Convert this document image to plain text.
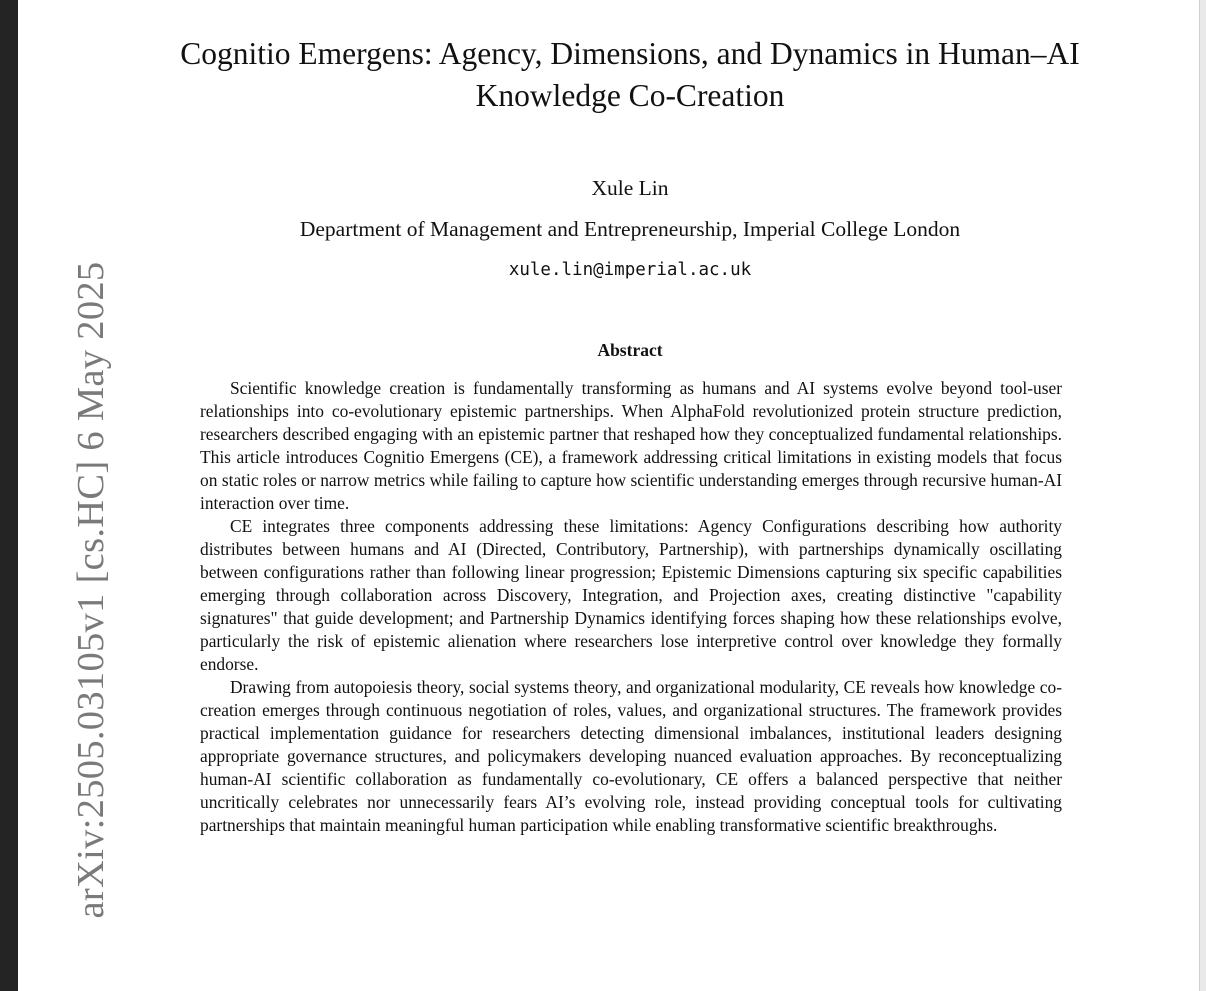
arXiv:2505.03105v1 [cs.HC] 6 May 2025
Cognitio Emergens: Agency, Dimensions, and Dynamics in Human–AI Knowledge Co-Creation
Xule Lin
Department of Management and Entrepreneurship, Imperial College London
xule.lin@imperial.ac.uk
Abstract

Scientific knowledge creation is fundamentally transforming as humans and AI systems evolve beyond tool-user relationships into co-evolutionary epistemic partnerships. When AlphaFold revolutionized protein structure prediction, researchers described engaging with an epistemic partner that reshaped how they conceptualized fundamental relationships. This article introduces Cognitio Emergens (CE), a framework addressing critical limitations in existing models that focus on static roles or narrow metrics while failing to capture how scientific understanding emerges through recursive human-AI interaction over time.

CE integrates three components addressing these limitations: Agency Configurations describing how authority distributes between humans and AI (Directed, Contributory, Partnership), with partnerships dynamically oscillating between configurations rather than following linear progression; Epistemic Dimensions capturing six specific capabilities emerging through collaboration across Discovery, Integration, and Projection axes, creating distinctive "capability signatures" that guide development; and Partnership Dynamics identifying forces shaping how these relationships evolve, particularly the risk of epistemic alienation where researchers lose interpretive control over knowledge they formally endorse.

Drawing from autopoiesis theory, social systems theory, and organizational modularity, CE reveals how knowledge co-creation emerges through continuous negotiation of roles, values, and organizational structures. The framework provides practical implementation guidance for researchers detecting dimensional imbalances, institutional leaders designing appropriate governance structures, and policymakers developing nuanced evaluation approaches. By reconceptualizing human-AI scientific collaboration as fundamentally co-evolutionary, CE offers a balanced perspective that neither uncritically celebrates nor unnecessarily fears AI’s evolving role, instead providing conceptual tools for cultivating partnerships that maintain meaningful human participation while enabling transformative scientific breakthroughs.
